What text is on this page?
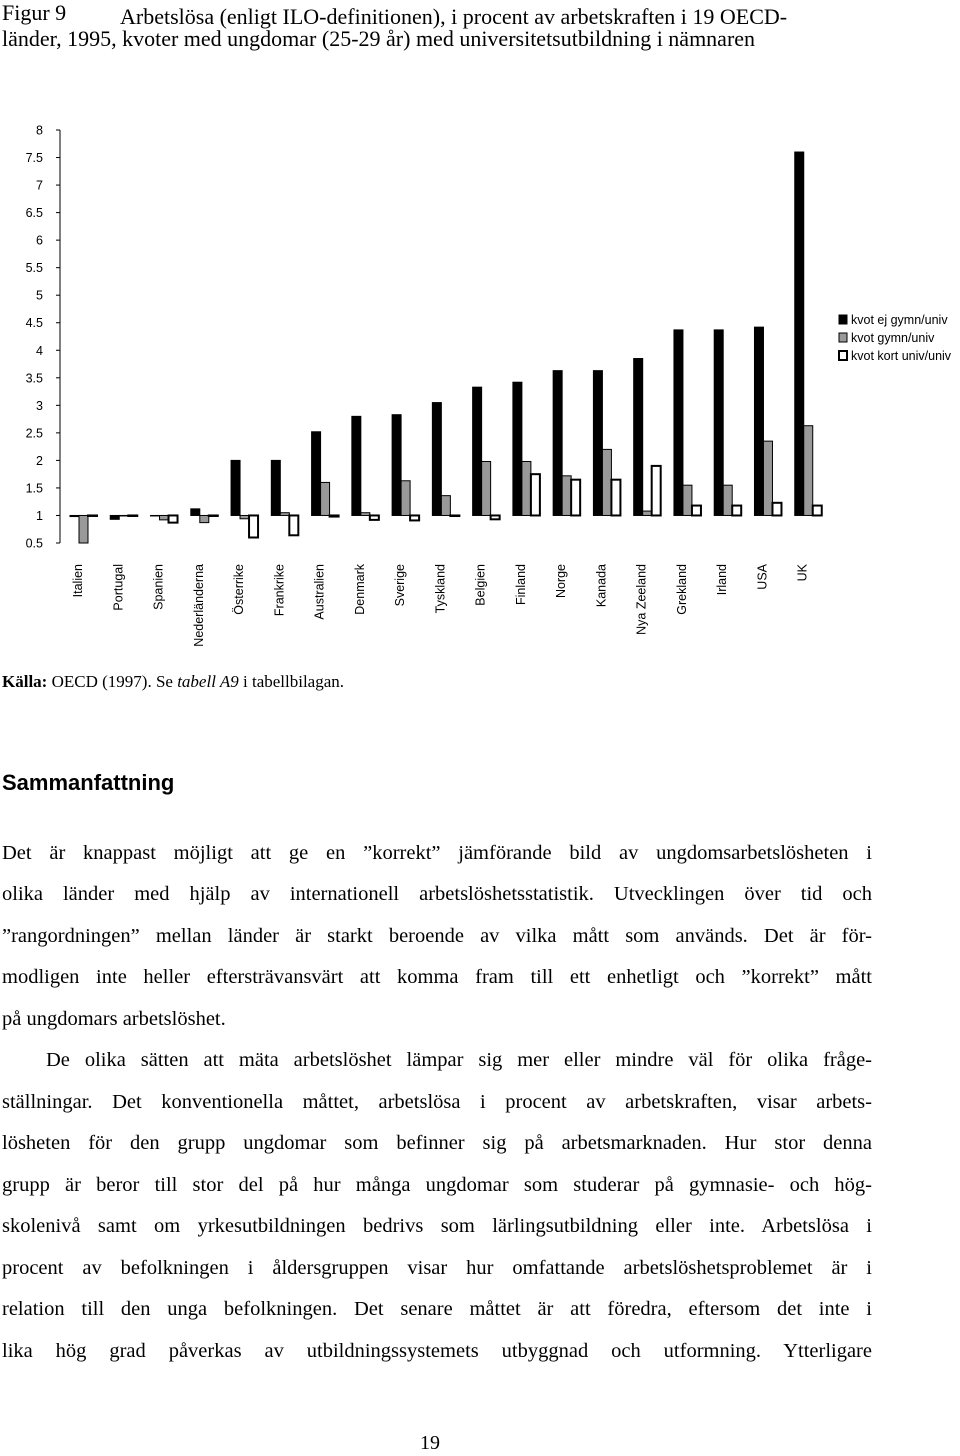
Figur 9 Arbetslösa (enligt ILO-definitionen), i procent av arbetskraften i 19 OECD-
länder, 1995, kvoter med ungdomar (25-29 år) med universitetsutbildning i nämnaren
0.5
1
1.5
2
2.5
3
3.5
4
4.5
5
5.5
6
6.5
7
7.5
8
Italien Portugal Spanien Nederländerna Österrike Frankrike Australien Denmark Sverige Tyskland Belgien Finland Norge Kanada Nya Zeeland Grekland Irland USA UK
kvot ej gymn/univ
kvot gymn/univ
kvot kort univ/univ
Källa: OECD (1997). Se tabell A9 i tabellbilagan.
Sammanfattning
Det är knappast möjligt att ge en ”korrekt” jämförande bild av ungdomsarbetslösheten i
olika länder med hjälp av internationell arbetslöshetsstatistik. Utvecklingen över tid och
”rangordningen” mellan länder är starkt beroende av vilka mått som används. Det är för-
modligen inte heller eftersträvansvärt att komma fram till ett enhetligt och ”korrekt” mått
på ungdomars arbetslöshet.
De olika sätten att mäta arbetslöshet lämpar sig mer eller mindre väl för olika fråge-
ställningar. Det konventionella måttet, arbetslösa i procent av arbetskraften, visar arbets-
lösheten för den grupp ungdomar som befinner sig på arbetsmarknaden. Hur stor denna
grupp är beror till stor del på hur många ungdomar som studerar på gymnasie- och hög-
skolenivå samt om yrkesutbildningen bedrivs som lärlingsutbildning eller inte. Arbetslösa i
procent av befolkningen i åldersgruppen visar hur omfattande arbetslöshetsproblemet är i
relation till den unga befolkningen. Det senare måttet är att föredra, eftersom det inte i
lika hög grad påverkas av utbildningssystemets utbyggnad och utformning. Ytterligare
19
